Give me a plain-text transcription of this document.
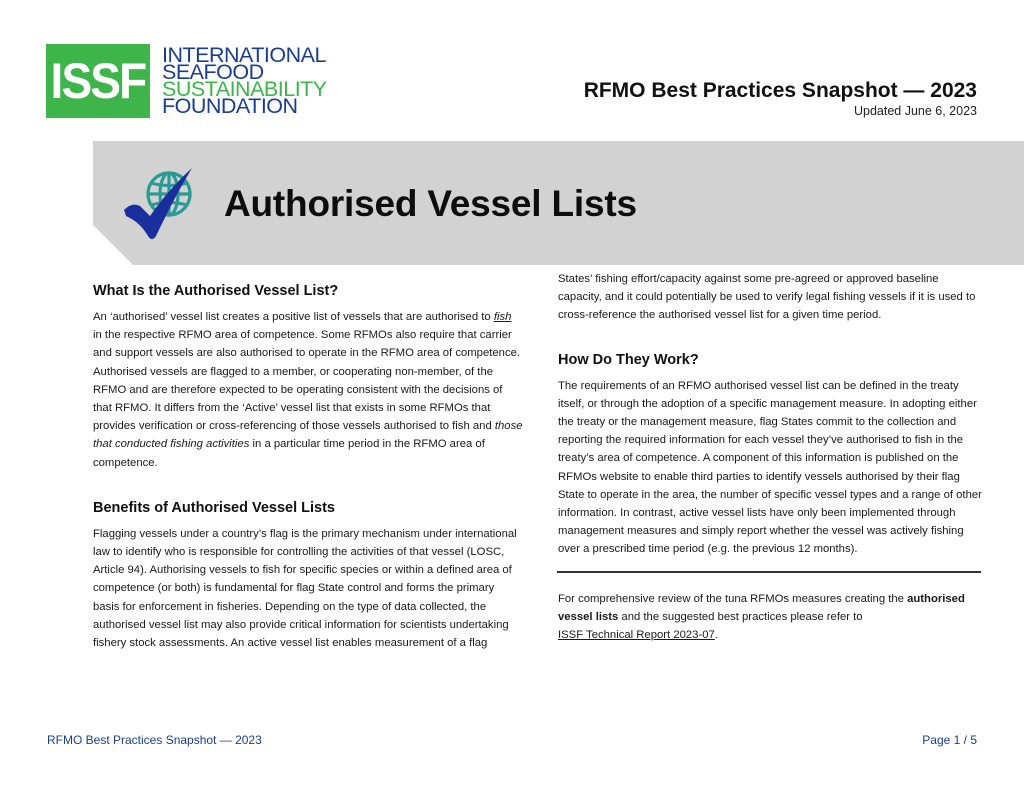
ISSF INTERNATIONAL
SEAFOOD
SUSTAINABILITY
FOUNDATION
RFMO Best Practices Snapshot — 2023
Updated June 6, 2023
Authorised Vessel Lists
What Is the Authorised Vessel List?

An ‘authorised’ vessel list creates a positive list of vessels that are authorised to fish in the respective RFMO area of competence. Some RFMOs also require that carrier and support vessels are also authorised to operate in the RFMO area of competence. Authorised vessels are flagged to a member, or cooperating non-member, of the RFMO and are therefore expected to be operating consistent with the decisions of that RFMO. It differs from the ‘Active’ vessel list that exists in some RFMOs that provides verification or cross-referencing of those vessels authorised to fish and those that conducted fishing activities in a particular time period in the RFMO area of competence.

Benefits of Authorised Vessel Lists

Flagging vessels under a country’s flag is the primary mechanism under international law to identify who is responsible for controlling the activities of that vessel (LOSC, Article 94). Authorising vessels to fish for specific species or within a defined area of competence (or both) is fundamental for flag State control and forms the primary basis for enforcement in fisheries. Depending on the type of data collected, the authorised vessel list may also provide critical information for scientists undertaking fishery stock assessments. An active vessel list enables measurement of a flag

States’ fishing effort/capacity against some pre-agreed or approved baseline capacity, and it could potentially be used to verify legal fishing vessels if it is used to cross-reference the authorised vessel list for a given time period.

How Do They Work?

The requirements of an RFMO authorised vessel list can be defined in the treaty itself, or through the adoption of a specific management measure. In adopting either the treaty or the management measure, flag States commit to the collection and reporting the required information for each vessel they’ve authorised to fish in the treaty’s area of competence. A component of this information is published on the RFMOs website to enable third parties to identify vessels authorised by their flag State to operate in the area, the number of specific vessel types and a range of other information. In contrast, active vessel lists have only been implemented through management measures and simply report whether the vessel was actively fishing over a prescribed time period (e.g. the previous 12 months).

For comprehensive review of the tuna RFMOs measures creating the authorised vessel lists and the suggested best practices please refer to
ISSF Technical Report 2023-07.
RFMO Best Practices Snapshot — 2023	Page 1 / 5
